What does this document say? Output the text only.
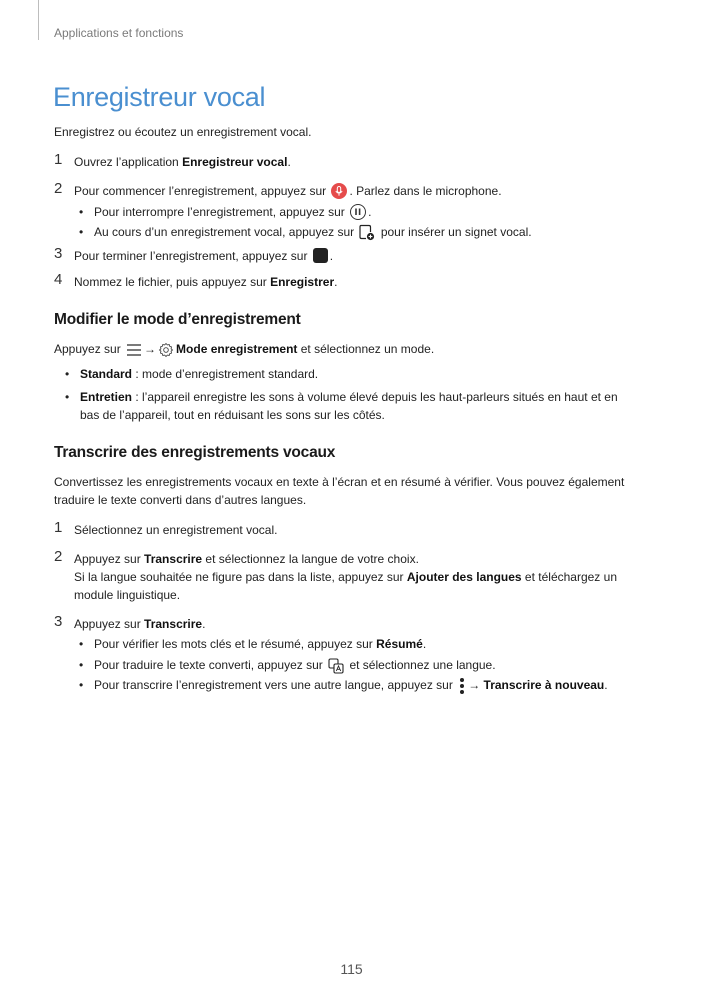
Applications et fonctions
Enregistreur vocal
Enregistrez ou écoutez un enregistrement vocal.
1 Ouvrez l’application Enregistreur vocal.
2 Pour commencer l’enregistrement, appuyez sur
. Parlez dans le microphone.
• Pour interrompre l’enregistrement, appuyez sur
.
• Au cours d’un enregistrement vocal, appuyez sur
pour insérer un signet vocal.
3 Pour terminer l’enregistrement, appuyez sur .
4 Nommez le fichier, puis appuyez sur Enregistrer.
Modifier le mode d’enregistrement
Appuyez sur
→ Mode enregistrement et sélectionnez un mode.
• Standard : mode d’enregistrement standard.
• Entretien : l’appareil enregistre les sons à volume élevé depuis les haut-parleurs situés en haut et en
bas de l’appareil, tout en réduisant les sons sur les côtés.
Transcrire des enregistrements vocaux
Convertissez les enregistrements vocaux en texte à l’écran et en résumé à vérifier. Vous pouvez également
traduire le texte converti dans d’autres langues.
1 Sélectionnez un enregistrement vocal.
2 Appuyez sur Transcrire et sélectionnez la langue de votre choix.
Si la langue souhaitée ne figure pas dans la liste, appuyez sur Ajouter des langues et téléchargez un
module linguistique.
3 Appuyez sur Transcrire.
• Pour vérifier les mots clés et le résumé, appuyez sur Résumé.
• Pour traduire le texte converti, appuyez sur
et sélectionnez une langue.
• Pour transcrire l’enregistrement vers une autre langue, appuyez sur
→ Transcrire à nouveau.
115
